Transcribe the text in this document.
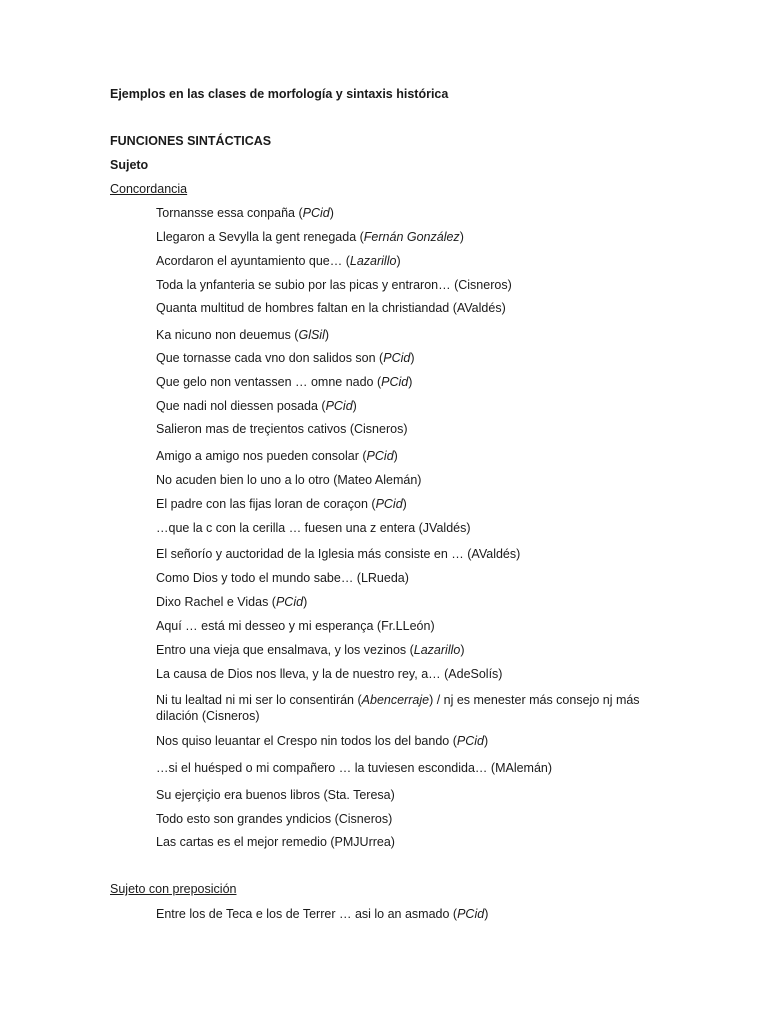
Ejemplos en las clases de morfología y sintaxis histórica
FUNCIONES SINTÁCTICAS
Sujeto
Concordancia
Tornansse essa conpaña (PCid)
Llegaron a Sevylla la gent renegada (Fernán González)
Acordaron el ayuntamiento que… (Lazarillo)
Toda la ynfanteria se subio por las picas y entraron… (Cisneros)
Quanta multitud de hombres faltan en la christiandad (AValdés)
Ka nicuno non deuemus (GlSil)
Que tornasse cada vno don salidos son (PCid)
Que gelo non ventassen … omne nado (PCid)
Que nadi nol diessen posada (PCid)
Salieron mas de treçientos cativos (Cisneros)
Amigo a amigo nos pueden consolar (PCid)
No acuden bien lo uno a lo otro (Mateo Alemán)
El padre con las fijas loran de coraçon (PCid)
…que la c con la cerilla … fuesen una z entera (JValdés)
El señorío y auctoridad de la Iglesia más consiste en … (AValdés)
Como Dios y todo el mundo sabe… (LRueda)
Dixo Rachel e Vidas (PCid)
Aquí … está mi desseo y mi esperança (Fr.LLeón)
Entro una vieja que ensalmava, y los vezinos (Lazarillo)
La causa de Dios nos lleva, y la de nuestro rey, a… (AdeSolís)
Ni tu lealtad ni mi ser lo consentirán (Abencerraje) / nj es menester más consejo nj más dilación (Cisneros)
Nos quiso leuantar el Crespo nin todos los del bando (PCid)
…si el huésped o mi compañero … la tuviesen escondida… (MAlemán)
Su ejerçiçio era buenos libros (Sta. Teresa)
Todo esto son grandes yndicios (Cisneros)
Las cartas es el mejor remedio (PMJUrrea)
Sujeto con preposición
Entre los de Teca e los de Terrer … asi lo an asmado (PCid)
